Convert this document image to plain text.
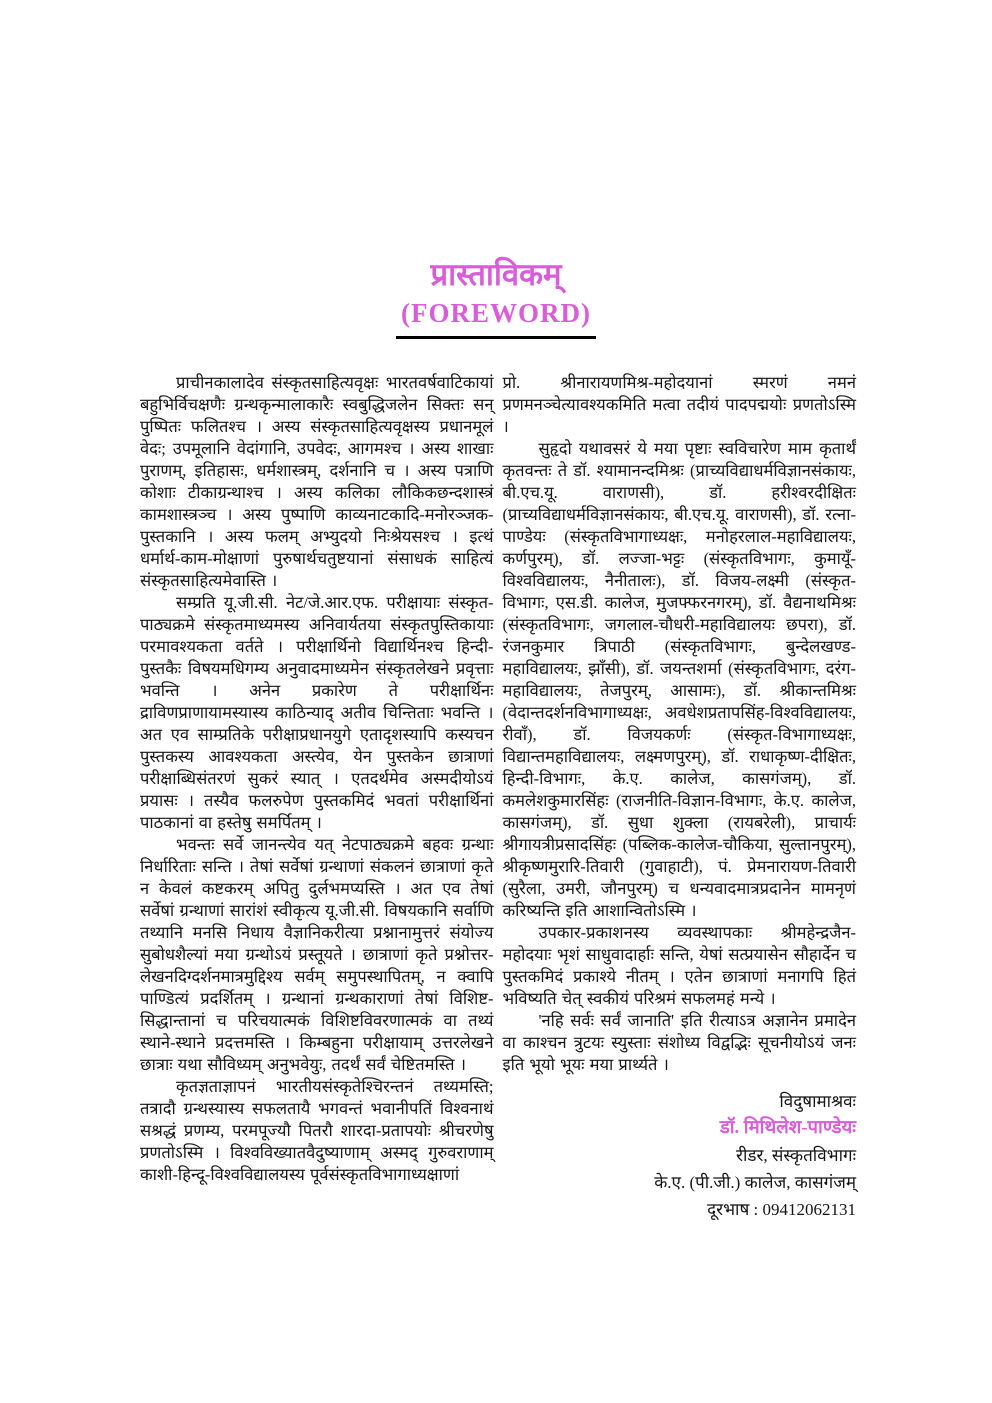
प्रास्ताविकम्
(FOREWORD)

प्राचीनकालादेव संस्कृतसाहित्यवृक्षः भारतवर्षवाटिकायां बहुभिर्विचक्षणैः ग्रन्थकृन्मालाकारैः स्वबुद्धिजलेन सिक्तः सन् पुष्पितः फलितश्च । अस्य संस्कृतसाहित्यवृक्षस्य प्रधानमूलं वेदः; उपमूलानि वेदांगानि, उपवेदः, आगमश्च । अस्य शाखाः पुराणम्, इतिहासः, धर्मशास्त्रम्, दर्शनानि च । अस्य पत्राणि कोशाः टीकाग्रन्थाश्च । अस्य कलिका लौकिकछन्दशास्त्रं कामशास्त्रञ्च । अस्य पुष्पाणि काव्यनाटकादि-मनोरञ्जक-पुस्तकानि । अस्य फलम् अभ्युदयो निःश्रेयसश्च । इत्थं धर्मार्थ-काम-मोक्षाणां पुरुषार्थचतुष्टयानां संसाधकं साहित्यं संस्कृतसाहित्यमेवास्ति ।

सम्प्रति यू.जी.सी. नेट/जे.आर.एफ. परीक्षायाः संस्कृत-पाठ्यक्रमे संस्कृतमाध्यमस्य अनिवार्यतया संस्कृतपुस्तिकायाः परमावश्यकता वर्तते । परीक्षार्थिनो विद्यार्थिनश्च हिन्दी-पुस्तकैः विषयमधिगम्य अनुवादमाध्यमेन संस्कृतलेखने प्रवृत्ताः भवन्ति । अनेन प्रकारेण ते परीक्षार्थिनः द्राविणप्राणायामस्यास्य काठिन्याद् अतीव चिन्तिताः भवन्ति । अत एव साम्प्रतिके परीक्षाप्रधानयुगे एतादृशस्यापि कस्यचन पुस्तकस्य आवश्यकता अस्त्येव, येन पुस्तकेन छात्राणां परीक्षाब्धिसंतरणं सुकरं स्यात् । एतदर्थमेव अस्मदीयोऽयं प्रयासः । तस्यैव फलरुपेण पुस्तकमिदं भवतां परीक्षार्थिनां पाठकानां वा हस्तेषु समर्पितम् ।

भवन्तः सर्वे जानन्त्येव यत् नेटपाठ्यक्रमे बहवः ग्रन्थाः निर्धारिताः सन्ति । तेषां सर्वेषां ग्रन्थाणां संकलनं छात्राणां कृते न केवलं कष्टकरम् अपितु दुर्लभमप्यस्ति । अत एव तेषां सर्वेषां ग्रन्थाणां सारांशं स्वीकृत्य यू.जी.सी. विषयकानि सर्वाणि तथ्यानि मनसि निधाय वैज्ञानिकरीत्या प्रश्नानामुत्तरं संयोज्य सुबोधशैल्यां मया ग्रन्थोऽयं प्रस्तूयते । छात्राणां कृते प्रश्नोत्तर-लेखनदिग्दर्शनमात्रमुद्दिश्य सर्वम् समुपस्थापितम्, न क्वापि पाण्डित्यं प्रदर्शितम् । ग्रन्थानां ग्रन्थकाराणां तेषां विशिष्ट-सिद्धान्तानां च परिचयात्मकं विशिष्टविवरणात्मकं वा तथ्यं स्थाने-स्थाने प्रदत्तमस्ति । किम्बहुना परीक्षायाम् उत्तरलेखने छात्राः यथा सौविध्यम् अनुभवेयुः, तदर्थं सर्वं चेष्टितमस्ति ।

कृतज्ञताज्ञापनं भारतीयसंस्कृतेश्चिरन्तनं तथ्यमस्ति; तत्रादौ ग्रन्थस्यास्य सफलतायै भगवन्तं भवानीपतिं विश्वनाथं सश्रद्धं प्रणम्य, परमपूज्यौ पितरौ शारदा-प्रतापयोः श्रीचरणेषु प्रणतोऽस्मि । विश्वविख्यातवैदुष्याणाम् अस्मद् गुरुवराणाम् काशी-हिन्दू-विश्वविद्यालयस्य पूर्वसंस्कृतविभागाध्यक्षाणां

प्रो. श्रीनारायणमिश्र-महोदयानां स्मरणं नमनं प्रणमनञ्चेत्यावश्यकमिति मत्वा तदीयं पादपद्मयोः प्रणतोऽस्मि ।

सुहृदो यथावसरं ये मया पृष्टाः स्वविचारेण माम कृतार्थं कृतवन्तः ते डॉ. श्यामानन्दमिश्रः (प्राच्यविद्याधर्मविज्ञानसंकायः, बी.एच.यू. वाराणसी), डॉ. हरीश्वरदीक्षितः (प्राच्यविद्याधर्मविज्ञानसंकायः, बी.एच.यू. वाराणसी), डॉ. रत्ना-पाण्डेयः (संस्कृतविभागाध्यक्षः, मनोहरलाल-महाविद्यालयः, कर्णपुरम्), डॉ. लज्जा-भट्टः (संस्कृतविभागः, कुमायूँ-विश्वविद्यालयः, नैनीतालः), डॉ. विजय-लक्ष्मी (संस्कृत-विभागः, एस.डी. कालेज, मुजफ्फरनगरम्), डॉ. वैद्यनाथमिश्रः (संस्कृतविभागः, जगलाल-चौधरी-महाविद्यालयः छपरा), डॉ. रंजनकुमार त्रिपाठी (संस्कृतविभागः, बुन्देलखण्ड-महाविद्यालयः, झाँसी), डॉ. जयन्तशर्मा (संस्कृतविभागः, दरंग-महाविद्यालयः, तेजपुरम्, आसामः), डॉ. श्रीकान्तमिश्रः (वेदान्तदर्शनविभागाध्यक्षः, अवधेशप्रतापसिंह-विश्वविद्यालयः, रीवाँ), डॉ. विजयकर्णः (संस्कृत-विभागाध्यक्षः, विद्यान्तमहाविद्यालयः, लक्ष्मणपुरम्), डॉ. राधाकृष्ण-दीक्षितः, हिन्दी-विभागः, के.ए. कालेज, कासगंजम्), डॉ. कमलेशकुमारसिंहः (राजनीति-विज्ञान-विभागः, के.ए. कालेज, कासगंजम्), डॉ. सुधा शुक्ला (रायबरेली), प्राचार्यः श्रीगायत्रीप्रसादसिंहः (पब्लिक-कालेज-चौकिया, सुल्तानपुरम्), श्रीकृष्णमुरारि-तिवारी (गुवाहाटी), पं. प्रेमनारायण-तिवारी (सुरैला, उमरी, जौनपुरम्) च धन्यवादमात्रप्रदानेन मामनृणं करिष्यन्ति इति आशान्वितोऽस्मि ।

उपकार-प्रकाशनस्य व्यवस्थापकाः श्रीमहेन्द्रजैन-महोदयाः भृशं साधुवादार्हाः सन्ति, येषां सत्प्रयासेन सौहार्देन च पुस्तकमिदं प्रकाश्ये नीतम् । एतेन छात्राणां मनागपि हितं भविष्यति चेत् स्वकीयं परिश्रमं सफलमहं मन्ये ।

'नहि सर्वः सर्वं जानाति' इति रीत्याऽत्र अज्ञानेन प्रमादेन वा काश्चन त्रुटयः स्युस्ताः संशोध्य विद्वद्भिः सूचनीयोऽयं जनः इति भूयो भूयः मया प्रार्थ्यते ।

विदुषामाश्रवः
डॉ. मिथिलेश-पाण्डेयः
रीडर, संस्कृतविभागः
के.ए. (पी.जी.) कालेज, कासगंजम्
दूरभाष : 09412062131
